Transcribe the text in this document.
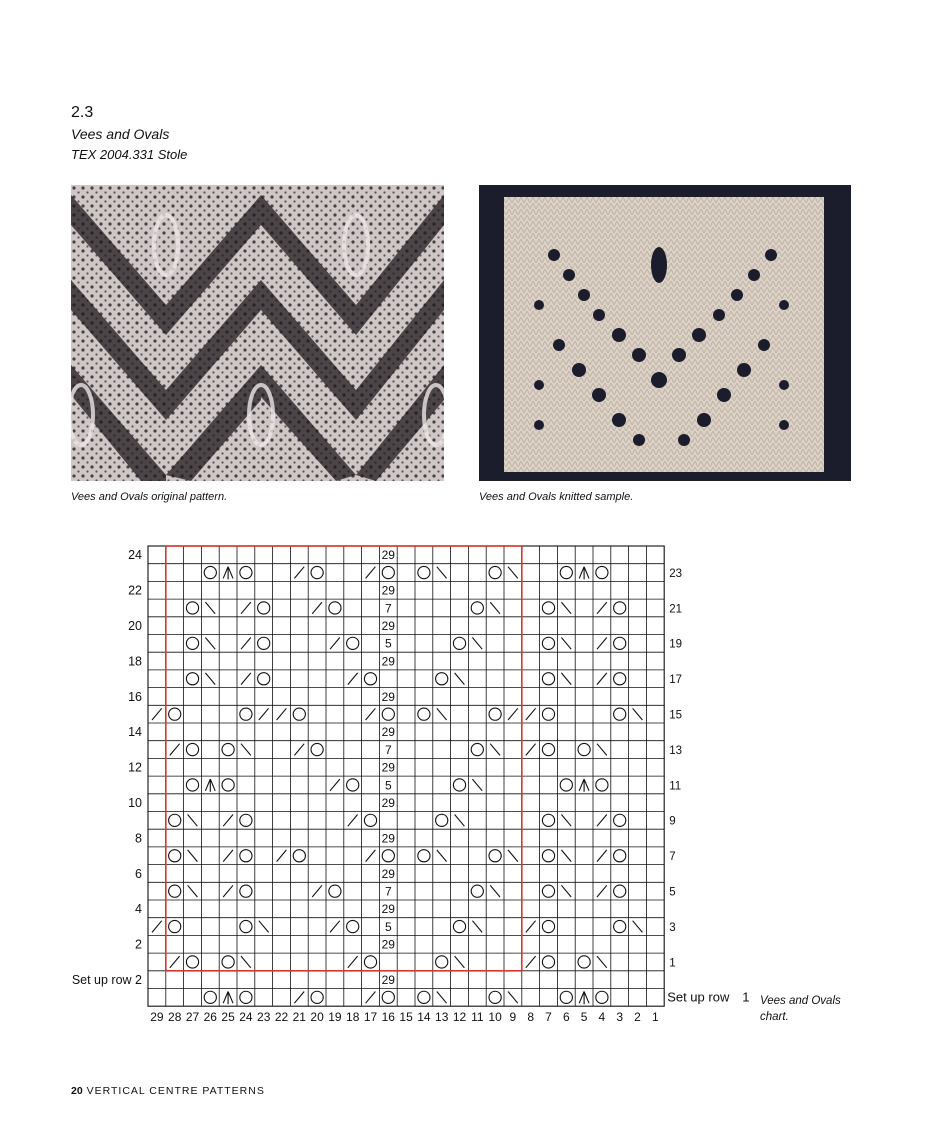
2.3
Vees and Ovals
TEX 2004.331 Stole
Vees and Ovals original pattern.	Vees and Ovals knitted sample.
29
29
7
29
5
29
29
29
7
29
5
29
29
29
7
29
5
29
29
24
22
20
18
16
14
12
10
8
6
4
2
Set up row 2
23
21
19
17
15
13
11
9
7
5
3
1
Set up row 1
29 28 27 26 25 24 23 22 21 20 19 18 17 16 15 14 13 12 11 10 9 8 7 6 5 4 3 2 1
Vees and Ovals
chart.
20 VERTICAL CENTRE PATTERNS
